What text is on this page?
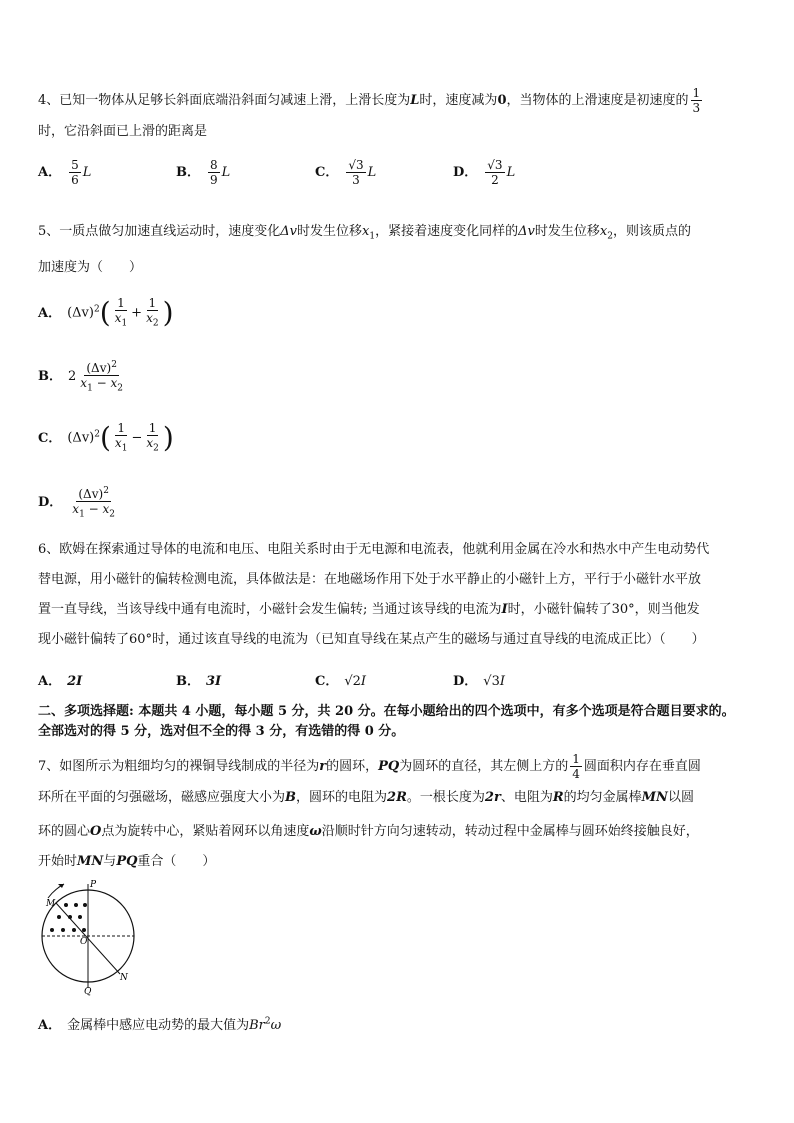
4、已知一物体从足够长斜面底端沿斜面匀减速上滑，上滑长度为L时，速度减为0，当物体的上滑速度是初速度的 $\frac{1}{3}$
时，它沿斜面已上滑的距离是
A． $\frac{5}{6}$ L	B． $\frac{8}{9}$ L	C． $\frac{√3}{3}$ L	D． $\frac{√3}{2}$ L
5、一质点做匀加速直线运动时，速度变化Δv时发生位移$x_1$，紧接着速度变化同样的Δv时发生位移$x_2$，则该质点的
加速度为（　　）
A． $(\Delta v)^2( \frac{1}{x_1} + \frac{1}{x_2}$ )
B． $2 \frac{(\Delta v)^2}{x_1 - x_2}$
C． $(\Delta v)^2( \frac{1}{x_1} - \frac{1}{x_2}$ )
D． $\frac{(\Delta v)^2}{x_1 - x_2}$
6、欧姆在探索通过导体的电流和电压、电阻关系时由于无电源和电流表，他就利用金属在冷水和热水中产生电动势代
替电源，用小磁针的偏转检测电流，具体做法是：在地磁场作用下处于水平静止的小磁针上方，平行于小磁针水平放
置一直导线，当该导线中通有电流时，小磁针会发生偏转; 当通过该导线的电流为I时，小磁针偏转了30°，则当他发
现小磁针偏转了60°时，通过该直导线的电流为（已知直导线在某点产生的磁场与通过直导线的电流成正比）（　　）
A． 2I	B． 3I	C． √2I	D． √3I
二、多项选择题: 本题共 4 小题，每小题 5 分，共 20 分。在每小题给出的四个选项中，有多个选项是符合题目要求的。
全部选对的得 5 分，选对但不全的得 3 分，有选错的得 0 分。
7、如图所示为粗细均匀的裸铜导线制成的半径为r的圆环，PQ为圆环的直径，其左侧上方的 $\frac{1}{4}$ 圆面积内存在垂直圆
环所在平面的匀强磁场，磁感应强度大小为B，圆环的电阻为2R。一根长度为2r、电阻为R的均匀金属棒MN以圆
环的圆心O点为旋转中心，紧贴着网环以角速度ω沿顺时针方向匀速转动，转动过程中金属棒与圆环始终接触良好，
开始时MN与PQ重合（　　）
P
M
O
Q
N
A． 金属棒中感应电动势的最大值为Br$^2$ω
